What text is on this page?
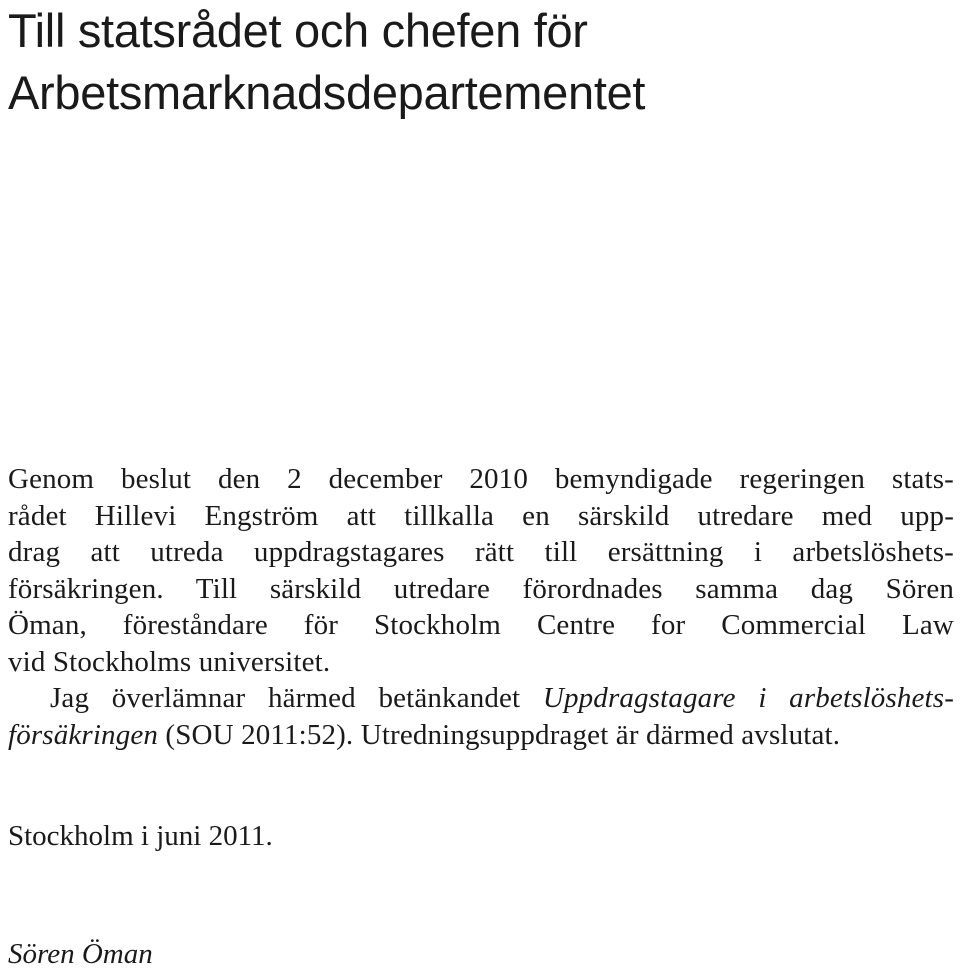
Till statsrådet och chefen för
Arbetsmarknadsdepartementet
Genom beslut den 2 december 2010 bemyndigade regeringen stats-
rådet Hillevi Engström att tillkalla en särskild utredare med upp-
drag att utreda uppdragstagares rätt till ersättning i arbetslöshets-
försäkringen. Till särskild utredare förordnades samma dag Sören
Öman, föreståndare för Stockholm Centre for Commercial Law
vid Stockholms universitet.
Jag överlämnar härmed betänkandet Uppdragstagare i arbetslöshets-
försäkringen (SOU 2011:52). Utredningsuppdraget är därmed avslutat.
Stockholm i juni 2011.
Sören Öman
